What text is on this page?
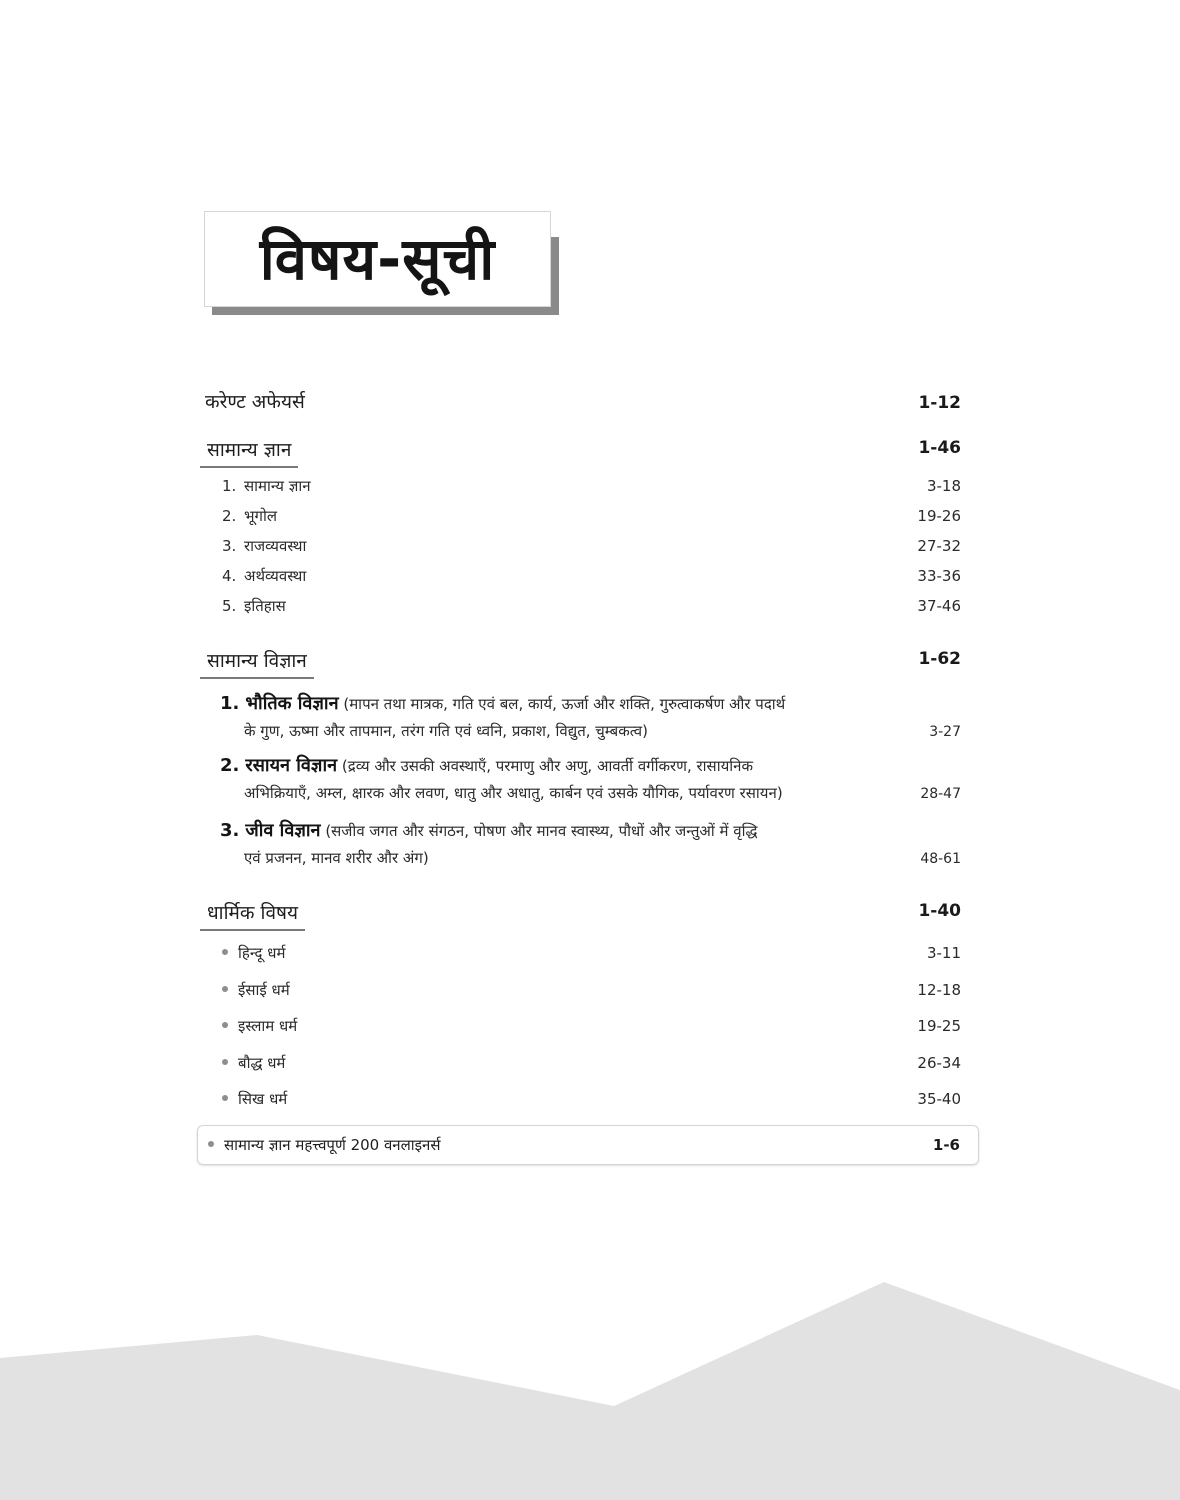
विषय-सूची
करेण्ट अफेयर्स	1-12
सामान्य ज्ञान	1-46
1. सामान्य ज्ञान	3-18
2. भूगोल	19-26
3. राजव्यवस्था	27-32
4. अर्थव्यवस्था	33-36
5. इतिहास	37-46
सामान्य विज्ञान	1-62
1. भौतिक विज्ञान (मापन तथा मात्रक, गति एवं बल, कार्य, ऊर्जा और शक्ति, गुरुत्वाकर्षण और पदार्थ
के गुण, ऊष्मा और तापमान, तरंग गति एवं ध्वनि, प्रकाश, विद्युत, चुम्बकत्व)	3-27
2. रसायन विज्ञान (द्रव्य और उसकी अवस्थाएँ, परमाणु और अणु, आवर्ती वर्गीकरण, रासायनिक
अभिक्रियाएँ, अम्ल, क्षारक और लवण, धातु और अधातु, कार्बन एवं उसके यौगिक, पर्यावरण रसायन)	28-47
3. जीव विज्ञान (सजीव जगत और संगठन, पोषण और मानव स्वास्थ्य, पौधों और जन्तुओं में वृद्धि
एवं प्रजनन, मानव शरीर और अंग)	48-61
धार्मिक विषय	1-40
हिन्दू धर्म	3-11
ईसाई धर्म	12-18
इस्लाम धर्म	19-25
बौद्ध धर्म	26-34
सिख धर्म	35-40
सामान्य ज्ञान महत्त्वपूर्ण 200 वनलाइनर्स	1-6
